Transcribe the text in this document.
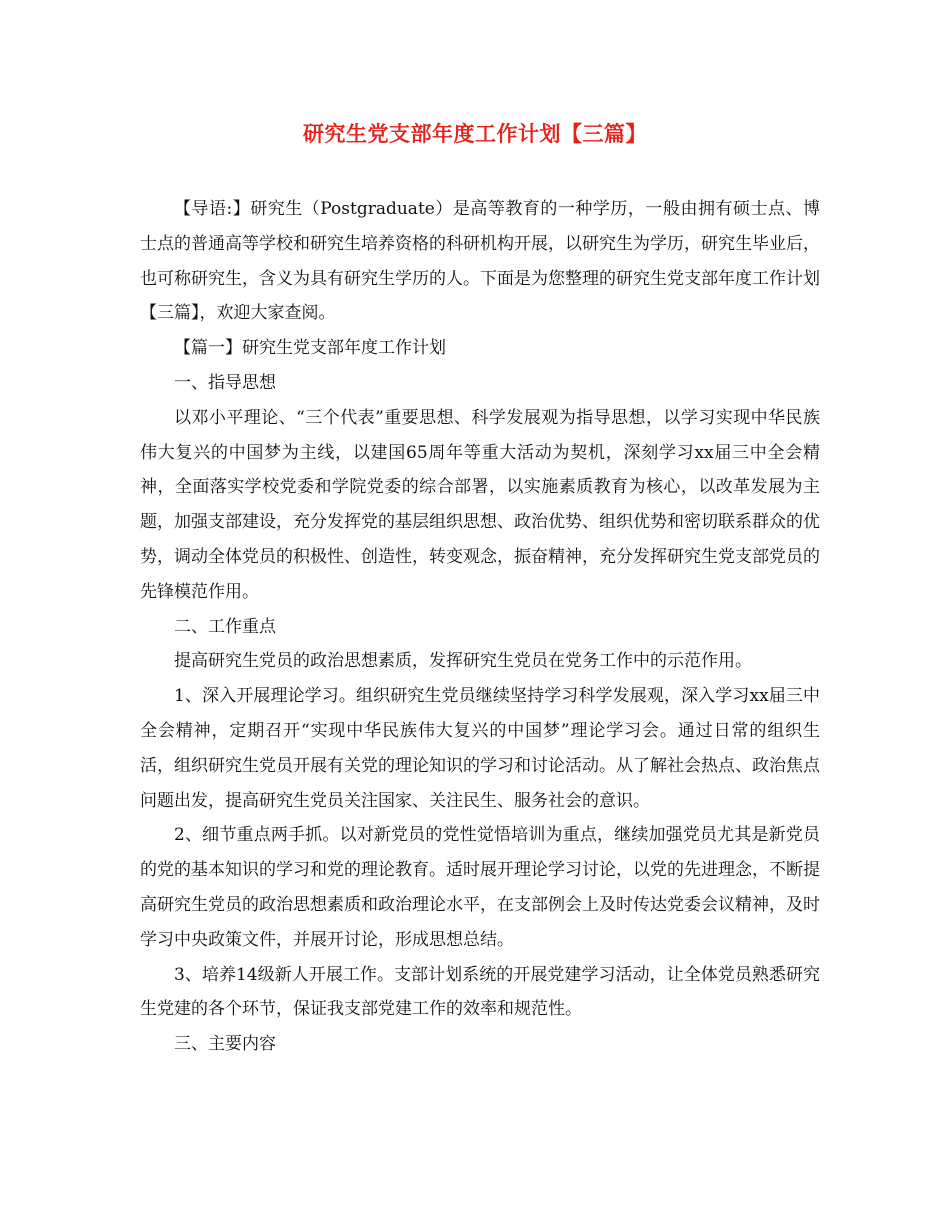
研究生党支部年度工作计划【三篇】

【导语:】研究生（Postgraduate）是高等教育的一种学历，一般由拥有硕士点、博士点的普通高等学校和研究生培养资格的科研机构开展，以研究生为学历，研究生毕业后，也可称研究生，含义为具有研究生学历的人。下面是为您整理的研究生党支部年度工作计划【三篇】，欢迎大家查阅。

【篇一】研究生党支部年度工作计划

一、指导思想

以邓小平理论、“三个代表”重要思想、科学发展观为指导思想，以学习实现中华民族伟大复兴的中国梦为主线，以建国65周年等重大活动为契机，深刻学习xx届三中全会精神，全面落实学校党委和学院党委的综合部署，以实施素质教育为核心，以改革发展为主题，加强支部建设，充分发挥党的基层组织思想、政治优势、组织优势和密切联系群众的优势，调动全体党员的积极性、创造性，转变观念，振奋精神，充分发挥研究生党支部党员的先锋模范作用。

二、工作重点

提高研究生党员的政治思想素质，发挥研究生党员在党务工作中的示范作用。

1、深入开展理论学习。组织研究生党员继续坚持学习科学发展观，深入学习xx届三中全会精神，定期召开“实现中华民族伟大复兴的中国梦”理论学习会。通过日常的组织生活，组织研究生党员开展有关党的理论知识的学习和讨论活动。从了解社会热点、政治焦点问题出发，提高研究生党员关注国家、关注民生、服务社会的意识。

2、细节重点两手抓。以对新党员的党性觉悟培训为重点，继续加强党员尤其是新党员的党的基本知识的学习和党的理论教育。适时展开理论学习讨论，以党的先进理念，不断提高研究生党员的政治思想素质和政治理论水平，在支部例会上及时传达党委会议精神，及时学习中央政策文件，并展开讨论，形成思想总结。

3、培养14级新人开展工作。支部计划系统的开展党建学习活动，让全体党员熟悉研究生党建的各个环节，保证我支部党建工作的效率和规范性。

三、主要内容
